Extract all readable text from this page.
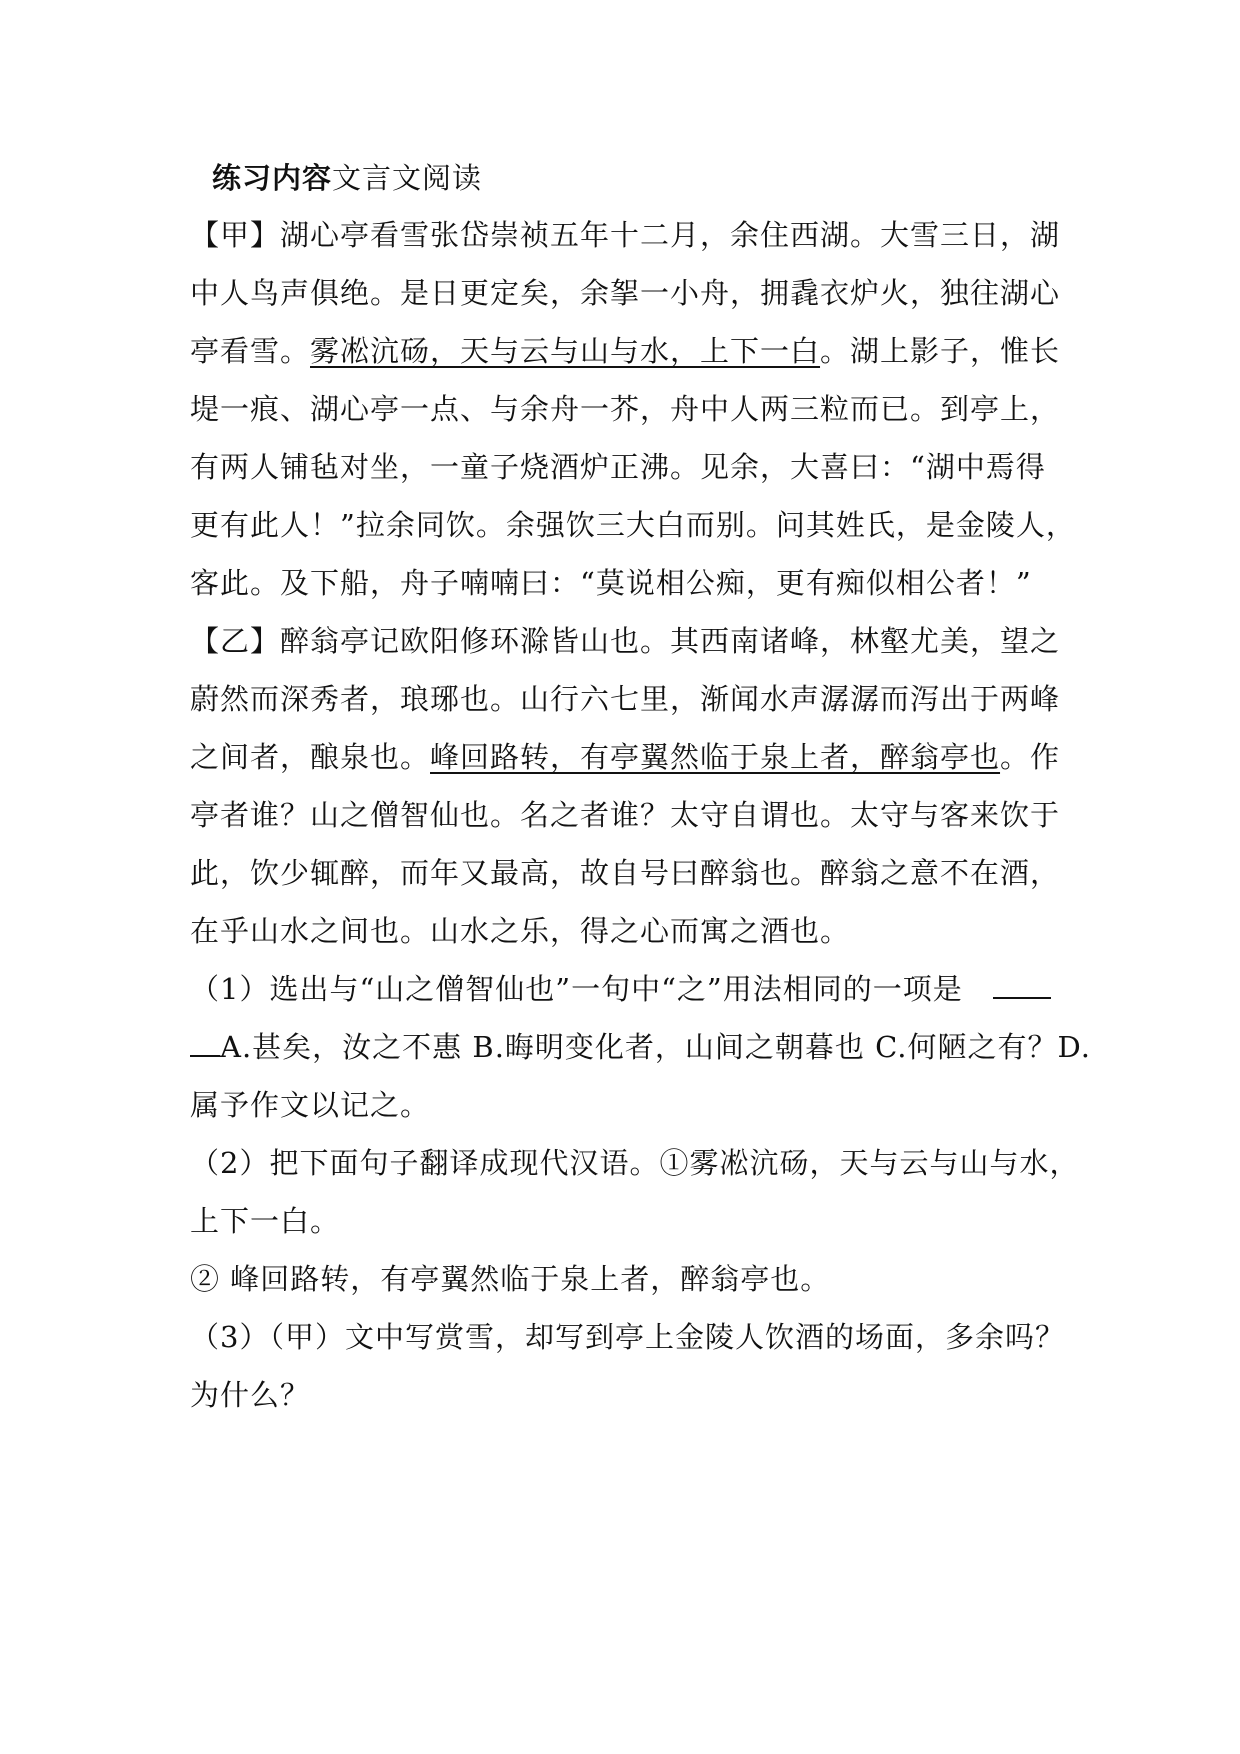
练习内容文言文阅读
【甲】湖心亭看雪张岱崇祯五年十二月，余住西湖。大雪三日，湖
中人鸟声俱绝。是日更定矣，余挐一小舟，拥毳衣炉火，独往湖心
亭看雪。雾凇沆砀，天与云与山与水，上下一白。湖上影子，惟长
堤一痕、湖心亭一点、与余舟一芥，舟中人两三粒而已。到亭上，
有两人铺毡对坐，一童子烧酒炉正沸。见余，大喜曰：“湖中焉得
更有此人！”拉余同饮。余强饮三大白而别。问其姓氏，是金陵人，
客此。及下船，舟子喃喃曰：“莫说相公痴，更有痴似相公者！”
【乙】醉翁亭记欧阳修环滁皆山也。其西南诸峰，林壑尤美，望之
蔚然而深秀者，琅琊也。山行六七里，渐闻水声潺潺而泻出于两峰
之间者，酿泉也。峰回路转，有亭翼然临于泉上者，醉翁亭也。作
亭者谁？山之僧智仙也。名之者谁？太守自谓也。太守与客来饮于
此，饮少辄醉，而年又最高，故自号曰醉翁也。醉翁之意不在酒，
在乎山水之间也。山水之乐，得之心而寓之酒也。
（1）选出与“山之僧智仙也”一句中“之”用法相同的一项是
A.甚矣，汝之不惠 B.晦明变化者，山间之朝暮也 C.何陋之有？D.
属予作文以记之。
（2）把下面句子翻译成现代汉语。①雾凇沆砀，天与云与山与水，
上下一白。
② 峰回路转，有亭翼然临于泉上者，醉翁亭也。
（3）（甲）文中写赏雪，却写到亭上金陵人饮酒的场面，多余吗？
为什么？
